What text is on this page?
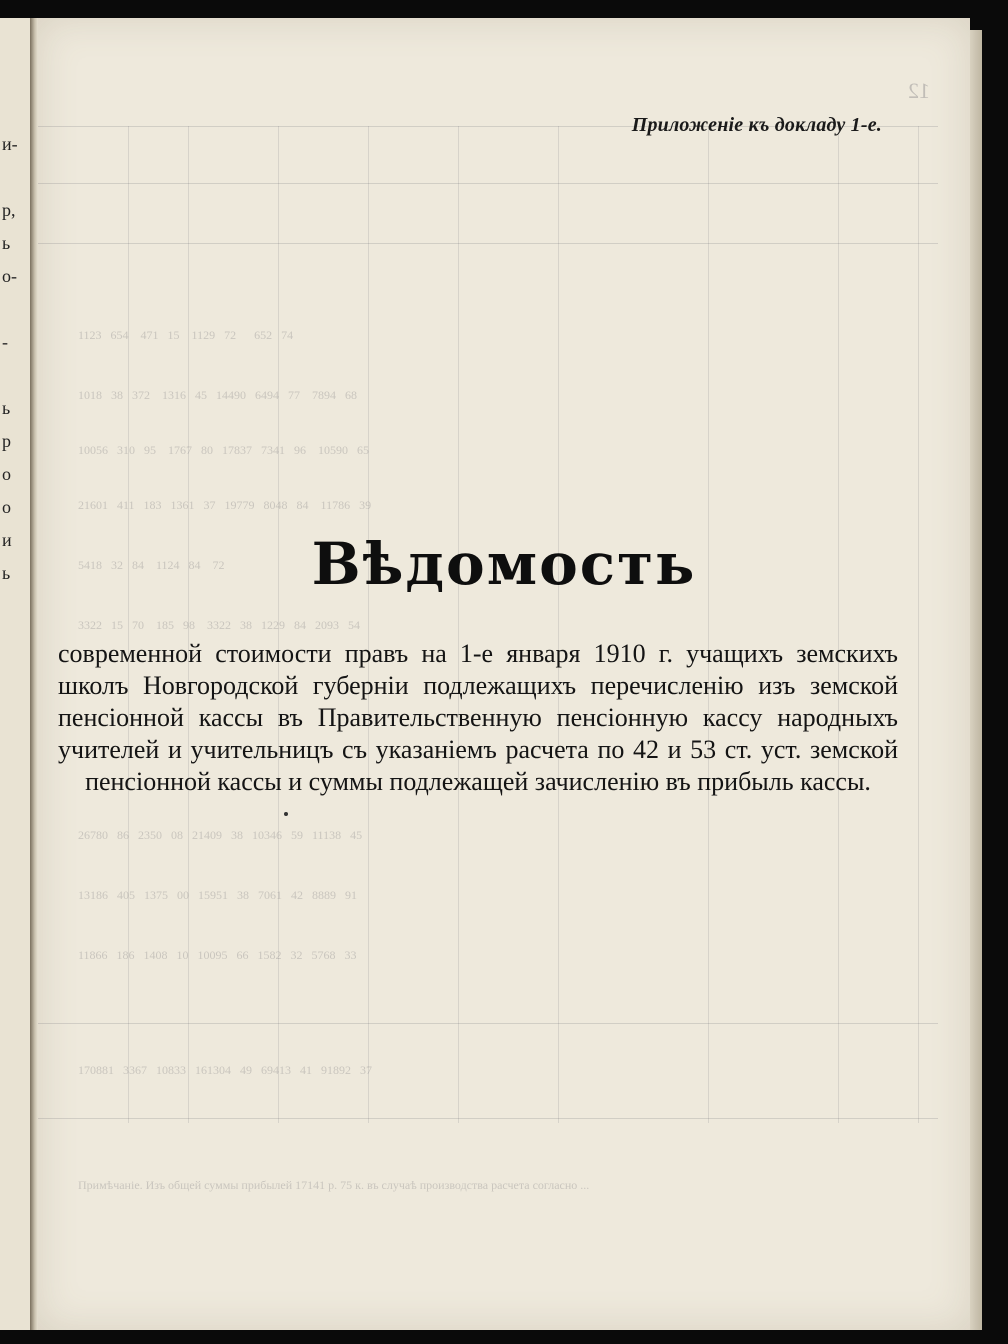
и-

р,
ь
о-

-

ь
р
о
о
и
ь
1123   654    471   15    1129   72      652   74
1018   38   372    1316   45   14490   6494   77    7894   68
10056   310   95    1767   80   17837   7341   96    10590   65
21601   411   183   1361   37   19779   8048   84    11786   39
5418   32   84    1124   84    72
3322   15   70    185   98    3322   38   1229   84   2093   54
26780   86   2350   08   21409   38   10346   59   11138   45
13186   405   1375   00   15951   38   7061   42   8889   91
11866   186   1408   10   10095   66   1582   32   5768   33
170881   3367   10833   161304   49   69413   41   91892   37
Примѣчаніе. Изъ общей суммы прибылей 17141 р. 75 к. въ случаѣ производства расчета согласно ...
12
Приложенiе къ докладу 1-е.
Вѣдомость
современной стоимости правъ на 1-е января 1910 г. учащихъ земскихъ школъ Новгородской губерніи подлежащихъ перечисленію изъ земской пенсіонной кассы въ Правительственную пенсіонную кассу народныхъ учителей и учительницъ съ указаніемъ расчета по 42 и 53 ст. уст. земской пенсіонной кассы и суммы подлежащей зачисленію въ прибыль кассы.
